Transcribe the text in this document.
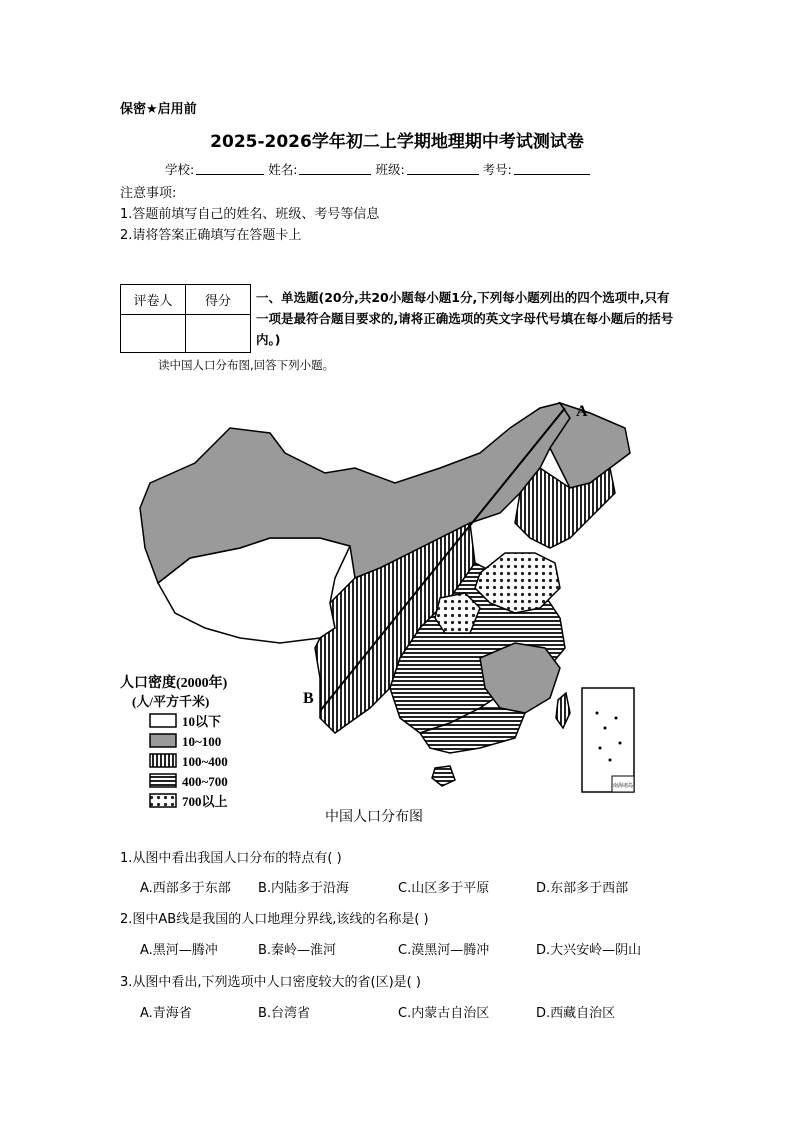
保密★启用前
2025-2026学年初二上学期地理期中考试测试卷
学校:	姓名:	班级:	考号:
注意事项:
1.答题前填写自己的姓名、班级、考号等信息
2.请将答案正确填写在答题卡上
评卷人	得分
	一、单选题(20分,共20小题每小题1分,下列每小题列出的四个选项中,只有一项是最符合题目要求的,请将正确选项的英文字母代号填在每小题后的括号内。)
读中国人口分布图,回答下列小题。
A
B
南海诸岛
人口密度(2000年)
(人/平方千米)
10以下
10~100
100~400
400~700
700以上
中国人口分布图
1.从图中看出我国人口分布的特点有( )
A.西部多于东部	B.内陆多于沿海	C.山区多于平原	D.东部多于西部
2.图中AB线是我国的人口地理分界线,该线的名称是( )
A.黑河—腾冲	B.秦岭—淮河	C.漠黑河—腾冲	D.大兴安岭—阴山
3.从图中看出,下列选项中人口密度较大的省(区)是( )
A.青海省	B.台湾省	C.内蒙古自治区	D.西藏自治区
